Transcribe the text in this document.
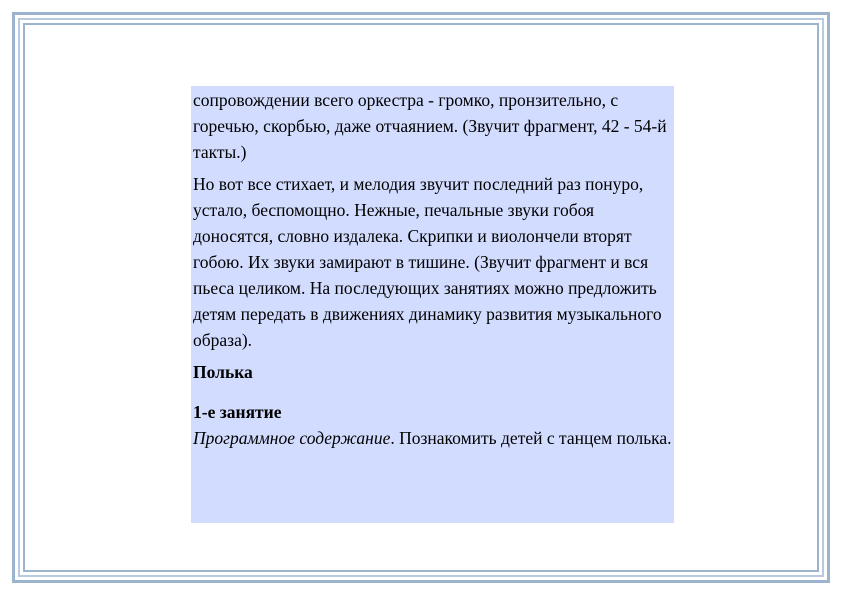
сопровождении всего оркестра - громко, пронзительно, с горечью, скорбью, даже отчаянием. (Звучит фрагмент, 42 - 54-й такты.)

Но вот все стихает, и мелодия звучит последний раз понуро, устало, беспомощно. Нежные, печальные звуки гобоя доносятся, словно издалека. Скрипки и виолончели вторят гобою. Их звуки замирают в тишине. (Звучит фрагмент и вся пьеса целиком. На последующих занятиях можно предложить детям передать в движениях динамику развития музыкального образа).

Полька

1-е занятие

Программное содержание. Познакомить детей с танцем полька.
